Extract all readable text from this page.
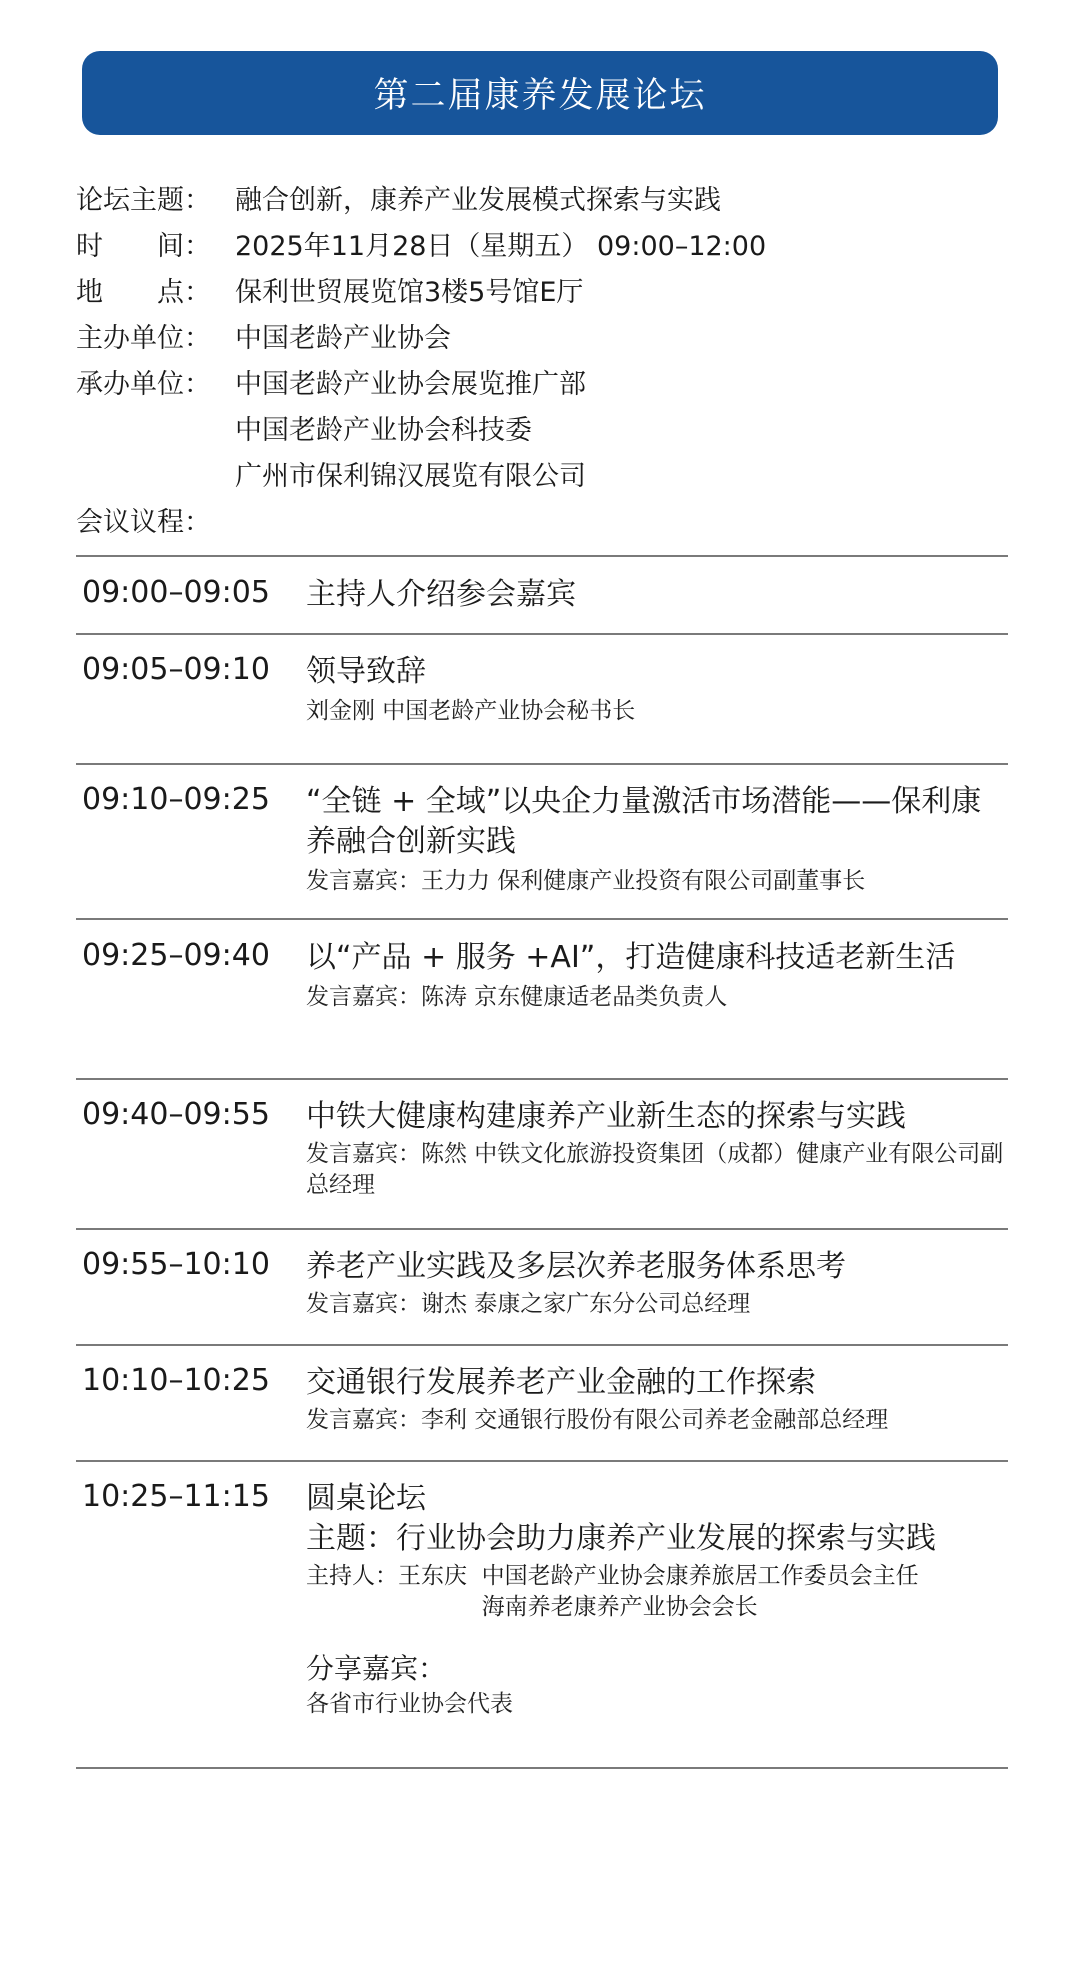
第二届康养发展论坛
论坛主题： 融合创新，康养产业发展模式探索与实践
时　　间： 2025年11月28日（星期五） 09:00–12:00
地　　点： 保利世贸展览馆3楼5号馆E厅
主办单位： 中国老龄产业协会
承办单位： 中国老龄产业协会展览推广部
中国老龄产业协会科技委
广州市保利锦汉展览有限公司
会议议程：
09:00–09:05	主持人介绍参会嘉宾
09:05–09:10	领导致辞
刘金刚 中国老龄产业协会秘书长
09:10–09:25	“全链 + 全域”以央企力量激活市场潜能——保利康养融合创新实践
发言嘉宾：王力力 保利健康产业投资有限公司副董事长
09:25–09:40	以“产品 + 服务 +AI”，打造健康科技适老新生活
发言嘉宾：陈涛 京东健康适老品类负责人
09:40–09:55	中铁大健康构建康养产业新生态的探索与实践
发言嘉宾：陈然 中铁文化旅游投资集团（成都）健康产业有限公司副总经理
09:55–10:10	养老产业实践及多层次养老服务体系思考
发言嘉宾：谢杰 泰康之家广东分公司总经理
10:10–10:25	交通银行发展养老产业金融的工作探索
发言嘉宾：李利 交通银行股份有限公司养老金融部总经理
10:25–11:15	圆桌论坛
主题：行业协会助力康养产业发展的探索与实践
主持人：王东庆 中国老龄产业协会康养旅居工作委员会主任
海南养老康养产业协会会长
分享嘉宾：
各省市行业协会代表
